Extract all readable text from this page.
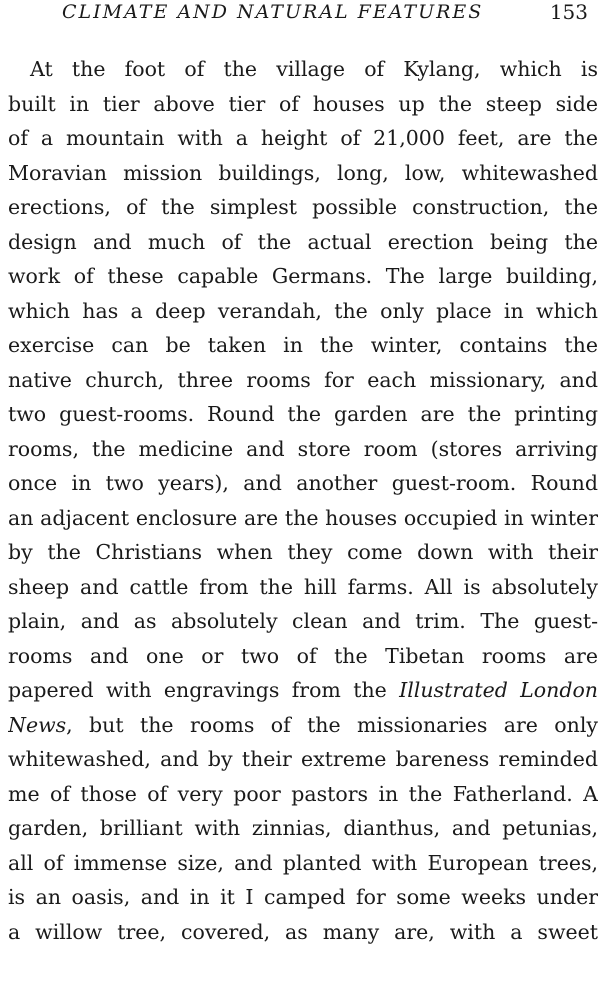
CLIMATE AND NATURAL FEATURES	153
At the foot of the village of Kylang, which is
built in tier above tier of houses up the steep side
of a mountain with a height of 21,000 feet, are the
Moravian mission buildings, long, low, whitewashed
erections, of the simplest possible construction, the
design and much of the actual erection being the
work of these capable Germans. The large building,
which has a deep verandah, the only place in which
exercise can be taken in the winter, contains the
native church, three rooms for each missionary, and
two guest-rooms. Round the garden are the printing
rooms, the medicine and store room (stores arriving
once in two years), and another guest-room. Round
an adjacent enclosure are the houses occupied in winter
by the Christians when they come down with their
sheep and cattle from the hill farms. All is absolutely
plain, and as absolutely clean and trim. The guest-
rooms and one or two of the Tibetan rooms are
papered with engravings from the Illustrated London
News, but the rooms of the missionaries are only
whitewashed, and by their extreme bareness reminded
me of those of very poor pastors in the Fatherland. A
garden, brilliant with zinnias, dianthus, and petunias,
all of immense size, and planted with European trees,
is an oasis, and in it I camped for some weeks under
a willow tree, covered, as many are, with a sweet
